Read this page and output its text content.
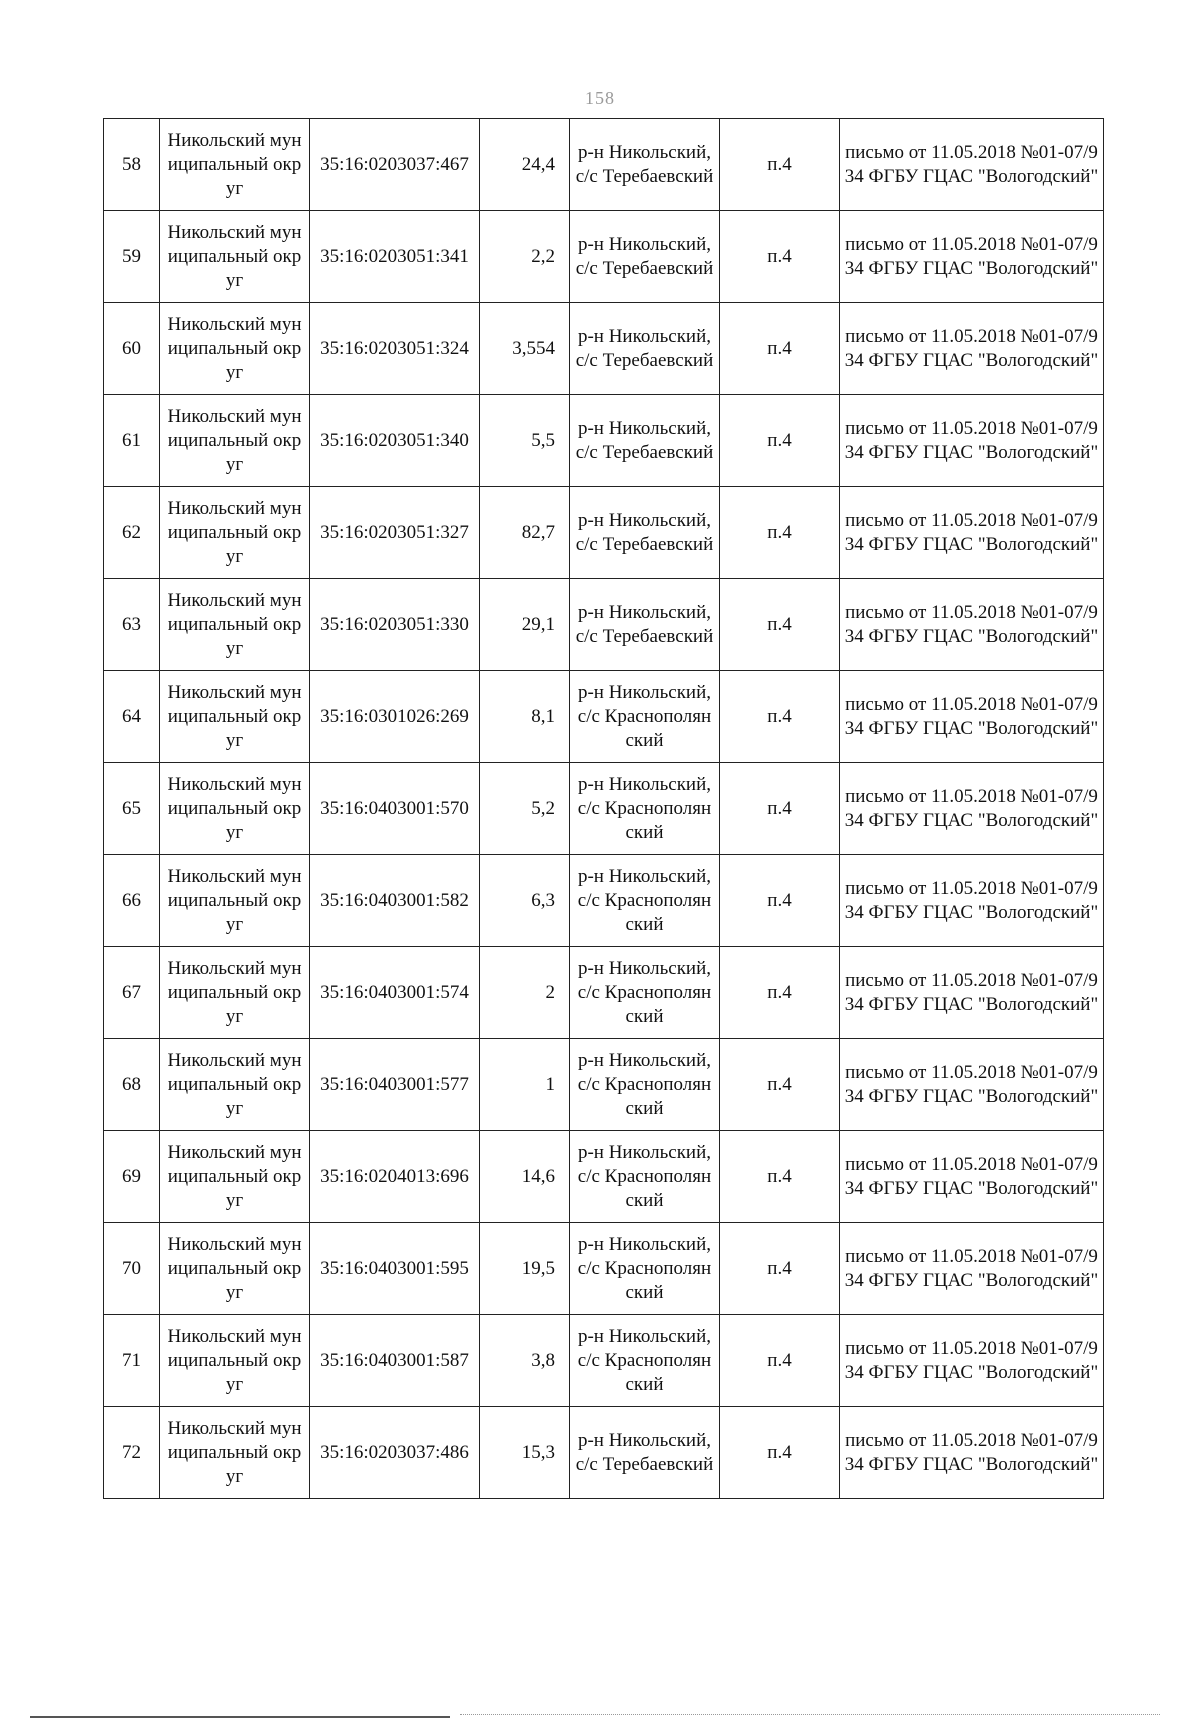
158
58	Никольский муниципальный округ	35:16:0203037:467	24,4	р-н Никольский, с/с Теребаевский	п.4	письмо от 11.05.2018 №01-07/934 ФГБУ ГЦАС "Вологодский"
59	Никольский муниципальный округ	35:16:0203051:341	2,2	р-н Никольский, с/с Теребаевский	п.4	письмо от 11.05.2018 №01-07/934 ФГБУ ГЦАС "Вологодский"
60	Никольский муниципальный округ	35:16:0203051:324	3,554	р-н Никольский, с/с Теребаевский	п.4	письмо от 11.05.2018 №01-07/934 ФГБУ ГЦАС "Вологодский"
61	Никольский муниципальный округ	35:16:0203051:340	5,5	р-н Никольский, с/с Теребаевский	п.4	письмо от 11.05.2018 №01-07/934 ФГБУ ГЦАС "Вологодский"
62	Никольский муниципальный округ	35:16:0203051:327	82,7	р-н Никольский, с/с Теребаевский	п.4	письмо от 11.05.2018 №01-07/934 ФГБУ ГЦАС "Вологодский"
63	Никольский муниципальный округ	35:16:0203051:330	29,1	р-н Никольский, с/с Теребаевский	п.4	письмо от 11.05.2018 №01-07/934 ФГБУ ГЦАС "Вологодский"
64	Никольский муниципальный округ	35:16:0301026:269	8,1	р-н Никольский, с/с Краснополянский	п.4	письмо от 11.05.2018 №01-07/934 ФГБУ ГЦАС "Вологодский"
65	Никольский муниципальный округ	35:16:0403001:570	5,2	р-н Никольский, с/с Краснополянский	п.4	письмо от 11.05.2018 №01-07/934 ФГБУ ГЦАС "Вологодский"
66	Никольский муниципальный округ	35:16:0403001:582	6,3	р-н Никольский, с/с Краснополянский	п.4	письмо от 11.05.2018 №01-07/934 ФГБУ ГЦАС "Вологодский"
67	Никольский муниципальный округ	35:16:0403001:574	2	р-н Никольский, с/с Краснополянский	п.4	письмо от 11.05.2018 №01-07/934 ФГБУ ГЦАС "Вологодский"
68	Никольский муниципальный округ	35:16:0403001:577	1	р-н Никольский, с/с Краснополянский	п.4	письмо от 11.05.2018 №01-07/934 ФГБУ ГЦАС "Вологодский"
69	Никольский муниципальный округ	35:16:0204013:696	14,6	р-н Никольский, с/с Краснополянский	п.4	письмо от 11.05.2018 №01-07/934 ФГБУ ГЦАС "Вологодский"
70	Никольский муниципальный округ	35:16:0403001:595	19,5	р-н Никольский, с/с Краснополянский	п.4	письмо от 11.05.2018 №01-07/934 ФГБУ ГЦАС "Вологодский"
71	Никольский муниципальный округ	35:16:0403001:587	3,8	р-н Никольский, с/с Краснополянский	п.4	письмо от 11.05.2018 №01-07/934 ФГБУ ГЦАС "Вологодский"
72	Никольский муниципальный округ	35:16:0203037:486	15,3	р-н Никольский, с/с Теребаевский	п.4	письмо от 11.05.2018 №01-07/934 ФГБУ ГЦАС "Вологодский"
